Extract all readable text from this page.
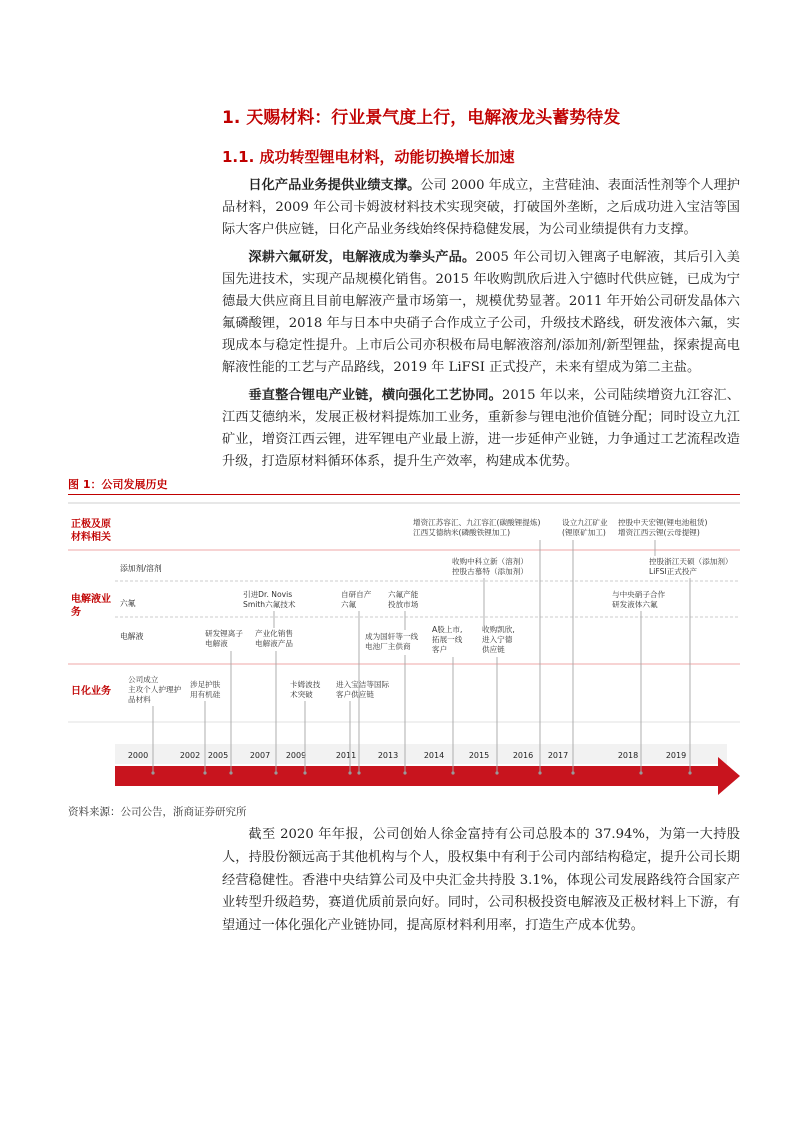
1. 天赐材料：行业景气度上行，电解液龙头蓄势待发
1.1. 成功转型锂电材料，动能切换增长加速

日化产品业务提供业绩支撑。公司 2000 年成立，主营硅油、表面活性剂等个人理护品材料，2009 年公司卡姆波材料技术实现突破，打破国外垄断，之后成功进入宝洁等国际大客户供应链，日化产品业务线始终保持稳健发展，为公司业绩提供有力支撑。

深耕六氟研发，电解液成为拳头产品。2005 年公司切入锂离子电解液，其后引入美国先进技术，实现产品规模化销售。2015 年收购凯欣后进入宁德时代供应链，已成为宁德最大供应商且目前电解液产量市场第一，规模优势显著。2011 年开始公司研发晶体六氟磷酸锂，2018 年与日本中央硝子合作成立子公司，升级技术路线，研发液体六氟，实现成本与稳定性提升。上市后公司亦积极布局电解液溶剂/添加剂/新型锂盐，探索提高电解液性能的工艺与产品路线，2019 年 LiFSI 正式投产，未来有望成为第二主盐。

垂直整合锂电产业链，横向强化工艺协同。2015 年以来，公司陆续增资九江容汇、江西艾德纳米，发展正极材料提炼加工业务，重新参与锂电池价值链分配；同时设立九江矿业，增资江西云锂，进军锂电产业最上游，进一步延伸产业链，力争通过工艺流程改造升级，打造原材料循环体系，提升生产效率，构建成本优势。

图 1：公司发展历史
正极及原
材料相关
电解液业
务
日化业务
添加剂/溶剂
六氟
电解液
2000	2002 2005	2007 2009	2011	2013	2014	2015	2016 2017	2018	2019
公司成立
主攻个人护理护
品材料
涉足护肤
用有机硅
卡姆波技
术突破
进入宝洁等国际
客户供应链
研发锂离子
电解液
产业化销售
电解液产品
成为国轩等一线
电池厂主供商
A股上市,
拓展一线
客户
收购凯欣,
进入宁德
供应链
引进Dr. Novis
Smith六氟技术
自研自产
六氟
六氟产能
投放市场
与中央硝子合作
研发液体六氟
收购中科立新（溶剂）
控股古慕特（添加剂）
控股浙江天硕（添加剂）
LiFSI正式投产
增资江苏容汇、九江容汇(碳酸锂提炼)
江西艾德纳米(磷酸铁锂加工)
设立九江矿业
(锂原矿加工)
控股中天宏锂(锂电池租赁)
增资江西云锂(云母提锂)
资料来源：公司公告，浙商证券研究所

截至 2020 年年报，公司创始人徐金富持有公司总股本的 37.94%，为第一大持股人，持股份额远高于其他机构与个人，股权集中有利于公司内部结构稳定，提升公司长期经营稳健性。香港中央结算公司及中央汇金共持股 3.1%，体现公司发展路线符合国家产业转型升级趋势，赛道优质前景向好。同时，公司积极投资电解液及正极材料上下游，有望通过一体化强化产业链协同，提高原材料利用率，打造生产成本优势。
